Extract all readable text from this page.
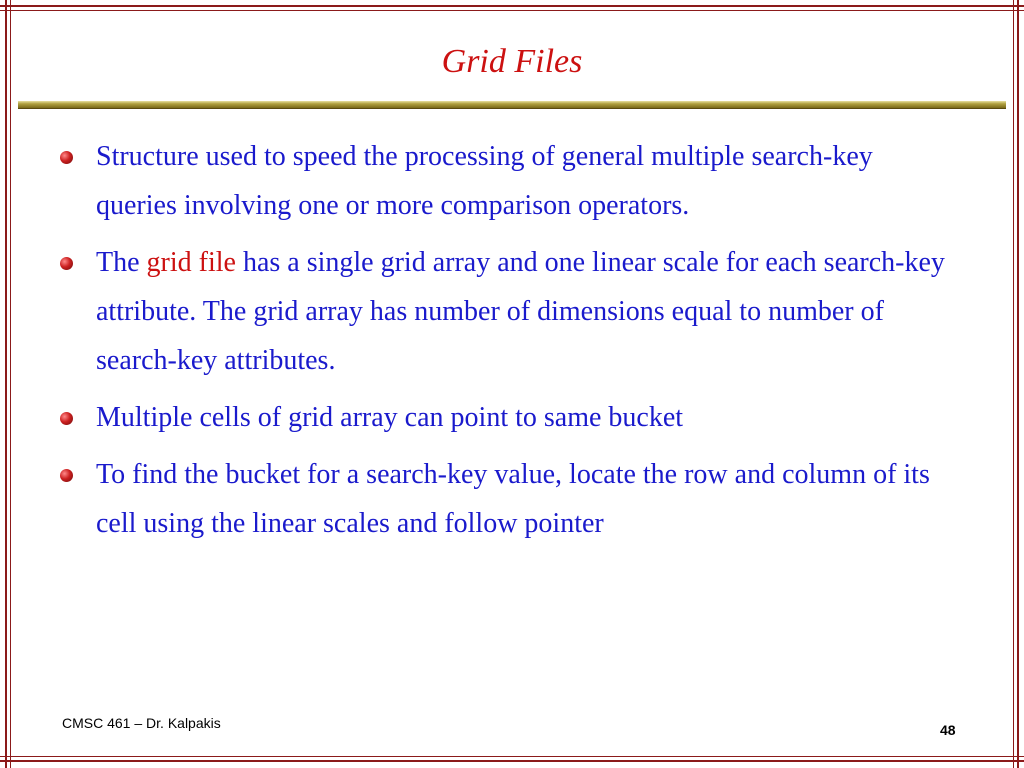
Grid Files
Structure used to speed the processing of general multiple search-key queries involving one or more comparison operators.
The grid file has a single grid array and one linear scale for each search-key attribute. The grid array has number of dimensions equal to number of search-key attributes.
Multiple cells of grid array can point to same bucket
To find the bucket for a search-key value, locate the row and column of its cell using the linear scales and follow pointer
CMSC 461 – Dr. Kalpakis	48
